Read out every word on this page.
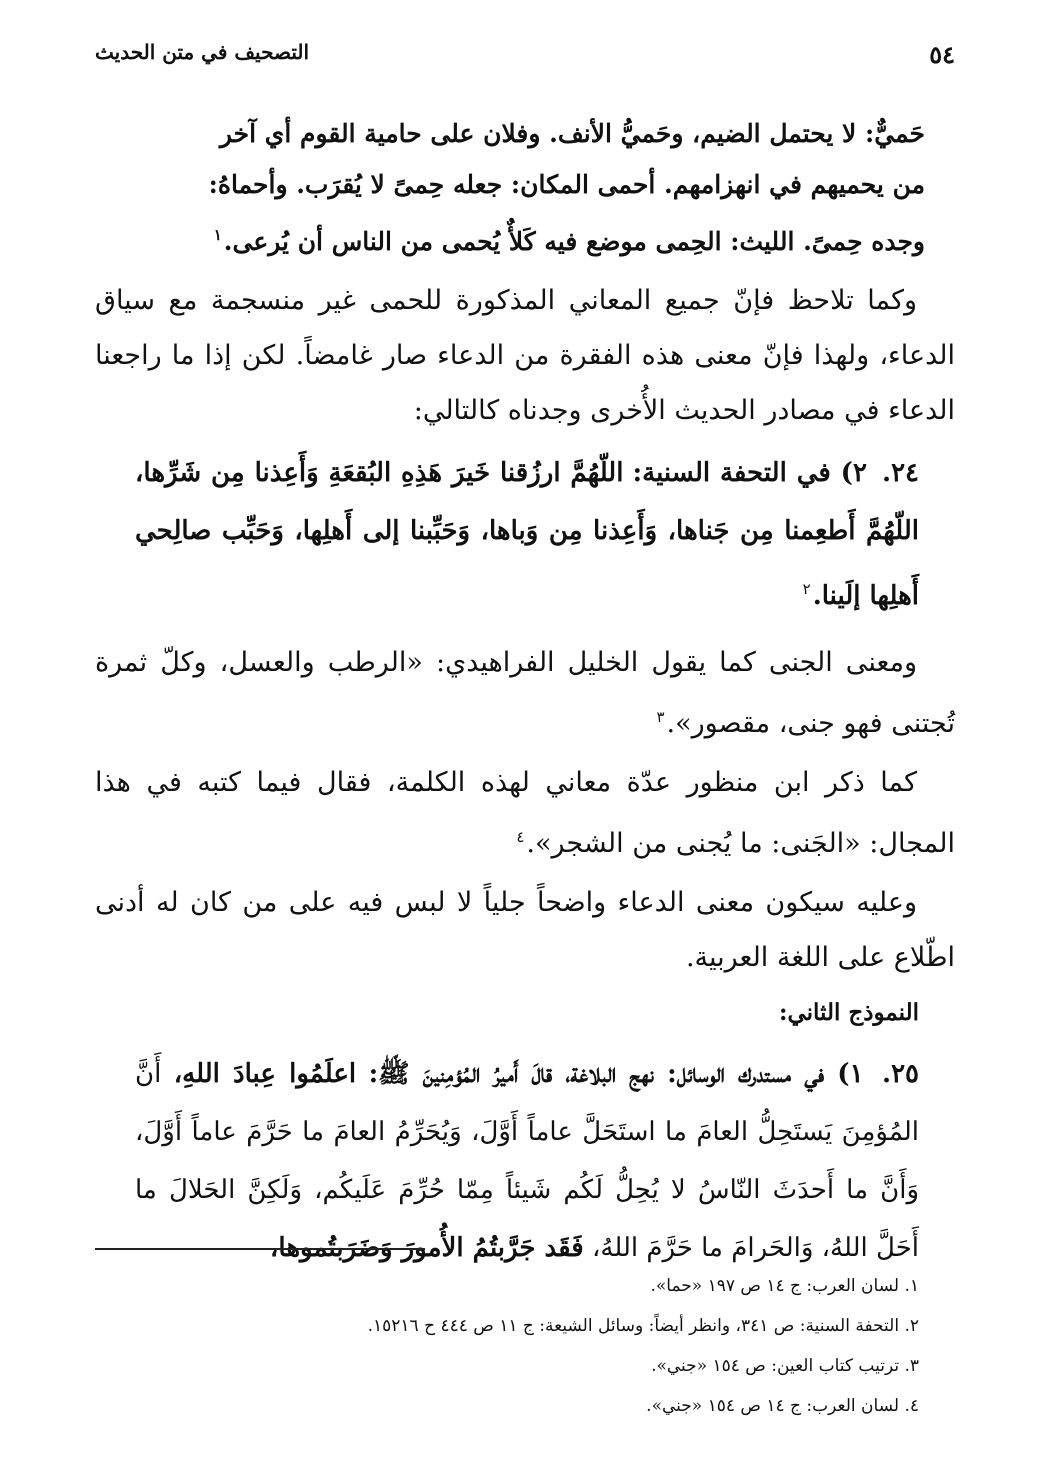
٥٤
التصحيف في متن الحديث
حَميٌّ: لا يحتمل الضيم، وحَميُّ الأنف. وفلان على حامية القوم أي آخر
من يحميهم في انهزامهم. أحمى المكان: جعله حِمىً لا يُقرَب. وأحماهُ:
وجده حِمىً. الليث: الحِمى موضع فيه كَلأٌ يُحمى من الناس أن يُرعى.$^١$

وكما تلاحظ فإنّ جميع المعاني المذكورة للحمى غير منسجمة مع سياق الدعاء، ولهذا فإنّ معنى هذه الفقرة من الدعاء صار غامضاً. لكن إذا ما راجعنا الدعاء في مصادر الحديث الأُخرى وجدناه كالتالي:

٢٤. ٢) في التحفة السنية: اللّهُمَّ ارزُقنا خَيرَ هَذِهِ البُقعَةِ وَأَعِذنا مِن شَرِّها، اللّهُمَّ أَطعِمنا مِن جَناها، وَأَعِذنا مِن وَباها، وَحَبِّبنا إلى أَهلِها، وَحَبِّب صالِحي أَهلِها إلَينا.$^٢$

ومعنى الجنى كما يقول الخليل الفراهيدي: «الرطب والعسل، وكلّ ثمرة تُجتنى فهو جنى، مقصور».$^٣$

كما ذكر ابن منظور عدّة معاني لهذه الكلمة، فقال فيما كتبه في هذا المجال: «الجَنى: ما يُجنى من الشجر».$^٤$

وعليه سيكون معنى الدعاء واضحاً جلياً لا لبس فيه على من كان له أدنى اطّلاع على اللغة العربية.

النموذج الثاني:
٢٥. ١) في مستدرك الوسائل: نهج البلاغة، قالَ أَميرُ المُؤمِنينَ ﷺ: اعلَمُوا عِبادَ اللهِ، أَنَّ المُؤمِنَ يَستَحِلُّ العامَ ما استَحَلَّ عاماً أَوَّلَ، وَيُحَرِّمُ العامَ ما حَرَّمَ عاماً أَوَّلَ، وَأَنَّ ما أَحدَثَ النّاسُ لا يُحِلُّ لَكُم شَيئاً مِمّا حُرِّمَ عَلَيكُم، وَلَكِنَّ الحَلالَ ما أَحَلَّ اللهُ، وَالحَرامَ ما حَرَّمَ اللهُ، فَقَد جَرَّبتُمُ الأُمورَ وَضَرَبتُموها،
١. لسان العرب: ج ١٤ ص ١٩٧ «حما».
٢. التحفة السنية: ص ٣٤١، وانظر أيضاً: وسائل الشيعة: ج ١١ ص ٤٤٤ ح ١٥٢١٦.
٣. ترتيب كتاب العين: ص ١٥٤ «جني».
٤. لسان العرب: ج ١٤ ص ١٥٤ «جني».
